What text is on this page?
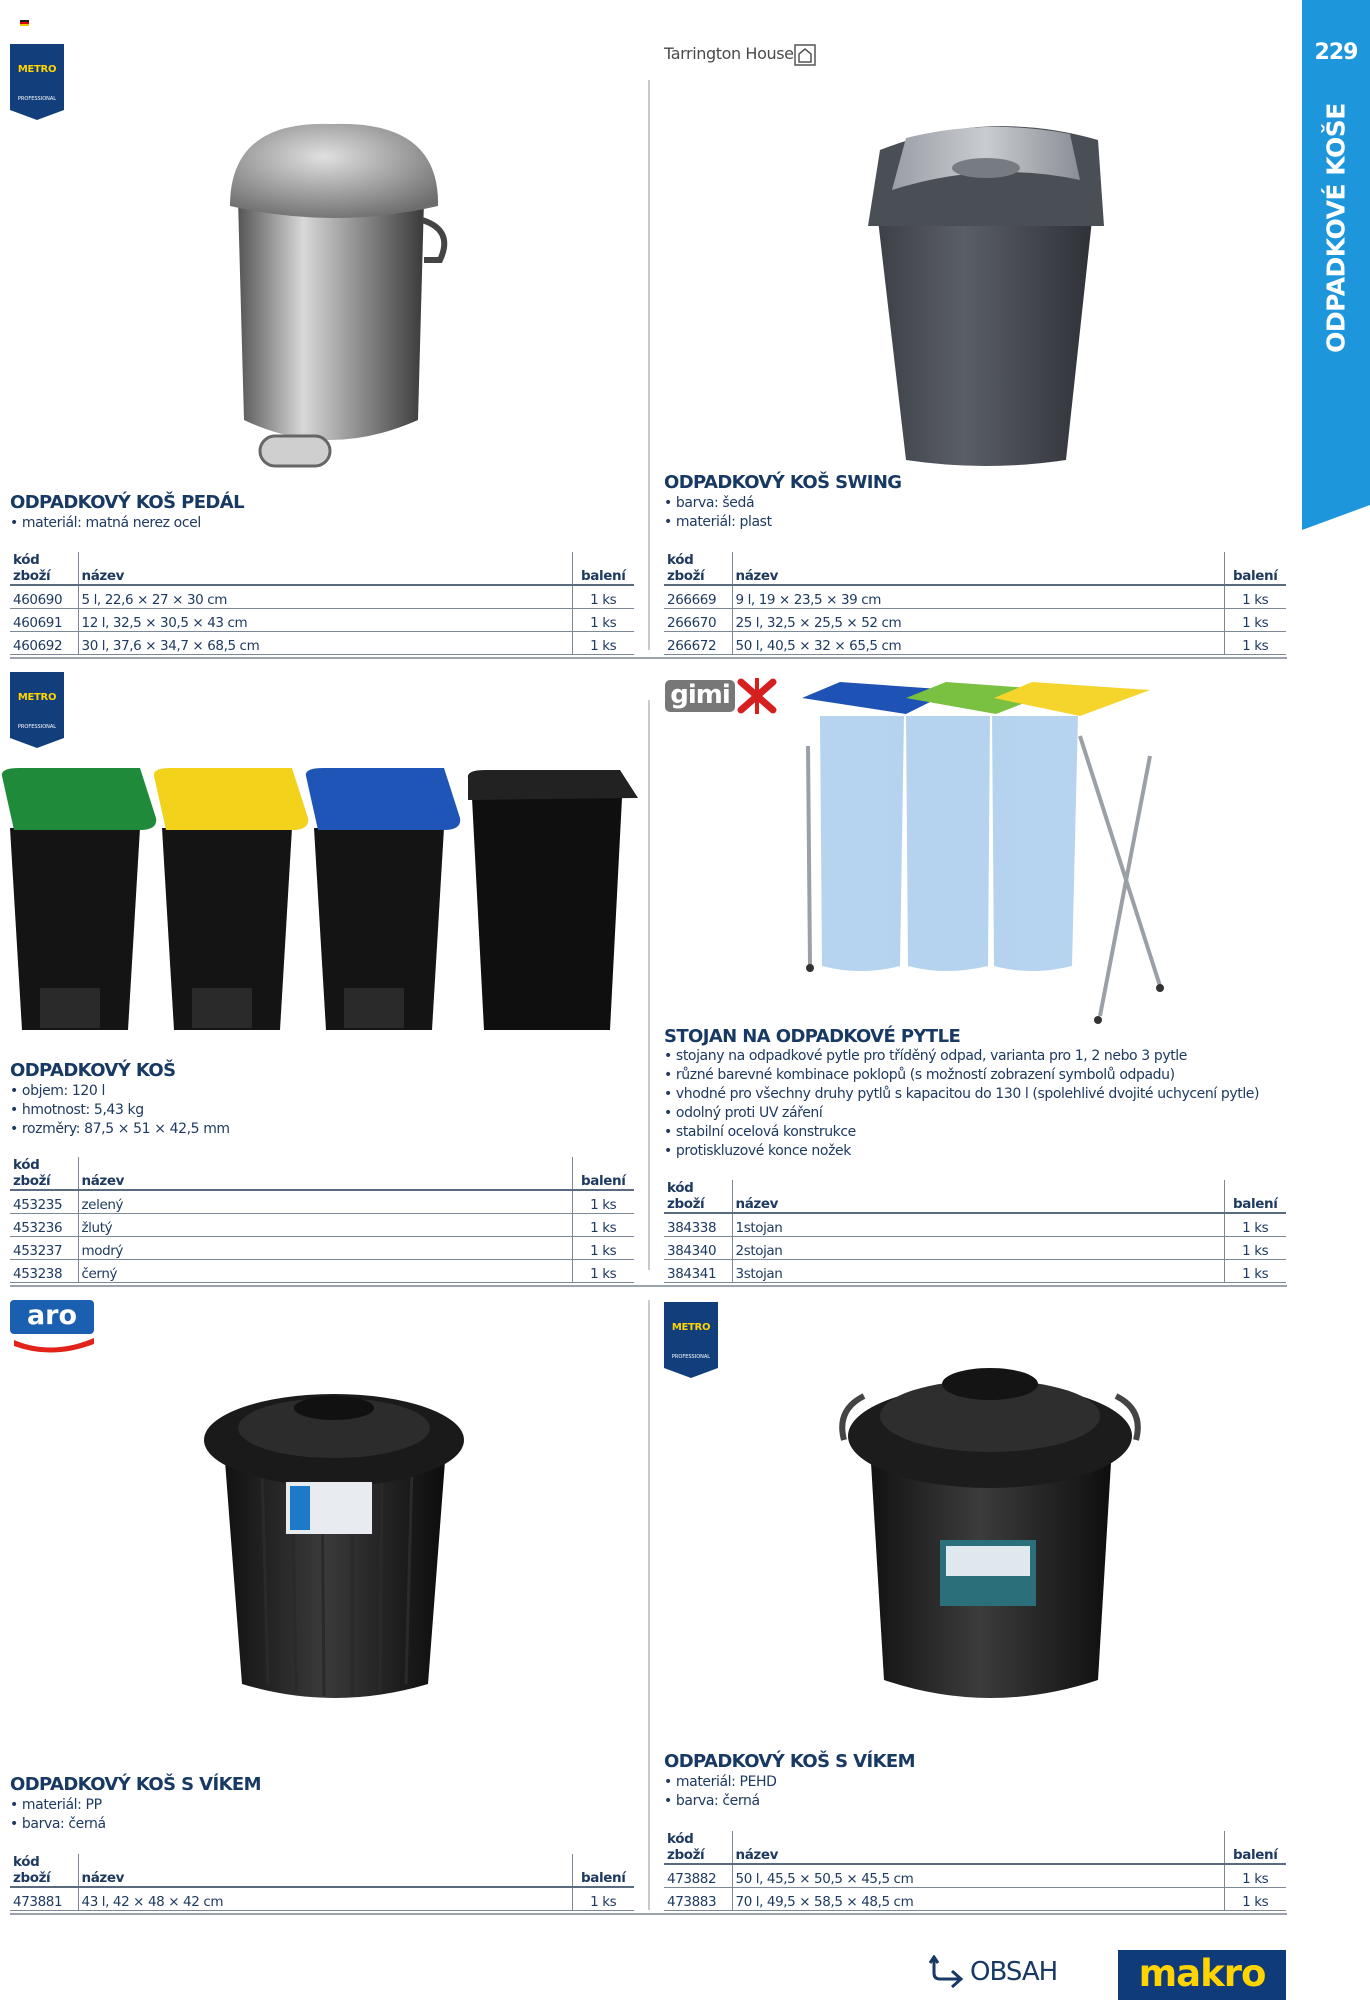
229
ODPADKOVÉ KOŠE
METRO
PROFESSIONAL
ODPADKOVÝ KOŠ PEDÁL
• materiál: matná nerez ocel
kód zboží	název	balení
460690	5 l, 22,6 × 27 × 30 cm	1 ks
460691	12 l, 32,5 × 30,5 × 43 cm	1 ks
460692	30 l, 37,6 × 34,7 × 68,5 cm	1 ks
Tarrington House
ODPADKOVÝ KOŠ SWING
• barva: šedá
• materiál: plast
kód zboží	název	balení
266669	9 l, 19 × 23,5 × 39 cm	1 ks
266670	25 l, 32,5 × 25,5 × 52 cm	1 ks
266672	50 l, 40,5 × 32 × 65,5 cm	1 ks
METRO
PROFESSIONAL
ODPADKOVÝ KOŠ
• objem: 120 l
• hmotnost: 5,43 kg
• rozměry: 87,5 × 51 × 42,5 mm
kód zboží	název	balení
453235	zelený	1 ks
453236	žlutý	1 ks
453237	modrý	1 ks
453238	černý	1 ks
gimi
STOJAN NA ODPADKOVÉ PYTLE
• stojany na odpadkové pytle pro tříděný odpad, varianta pro 1, 2 nebo 3 pytle
• různé barevné kombinace poklopů (s možností zobrazení symbolů odpadu)
• vhodné pro všechny druhy pytlů s kapacitou do 130 l (spolehlivé dvojité uchycení pytle)
• odolný proti UV záření
• stabilní ocelová konstrukce
• protiskluzové konce nožek
kód zboží	název	balení
384338	1stojan	1 ks
384340	2stojan	1 ks
384341	3stojan	1 ks
aro
ODPADKOVÝ KOŠ S VÍKEM
• materiál: PP
• barva: černá
kód zboží	název	balení
473881	43 l, 42 × 48 × 42 cm	1 ks
METRO
PROFESSIONAL
ODPADKOVÝ KOŠ S VÍKEM
• materiál: PEHD
• barva: černá
kód zboží	název	balení
473882	50 l, 45,5 × 50,5 × 45,5 cm	1 ks
473883	70 l, 49,5 × 58,5 × 48,5 cm	1 ks
OBSAH	makro
